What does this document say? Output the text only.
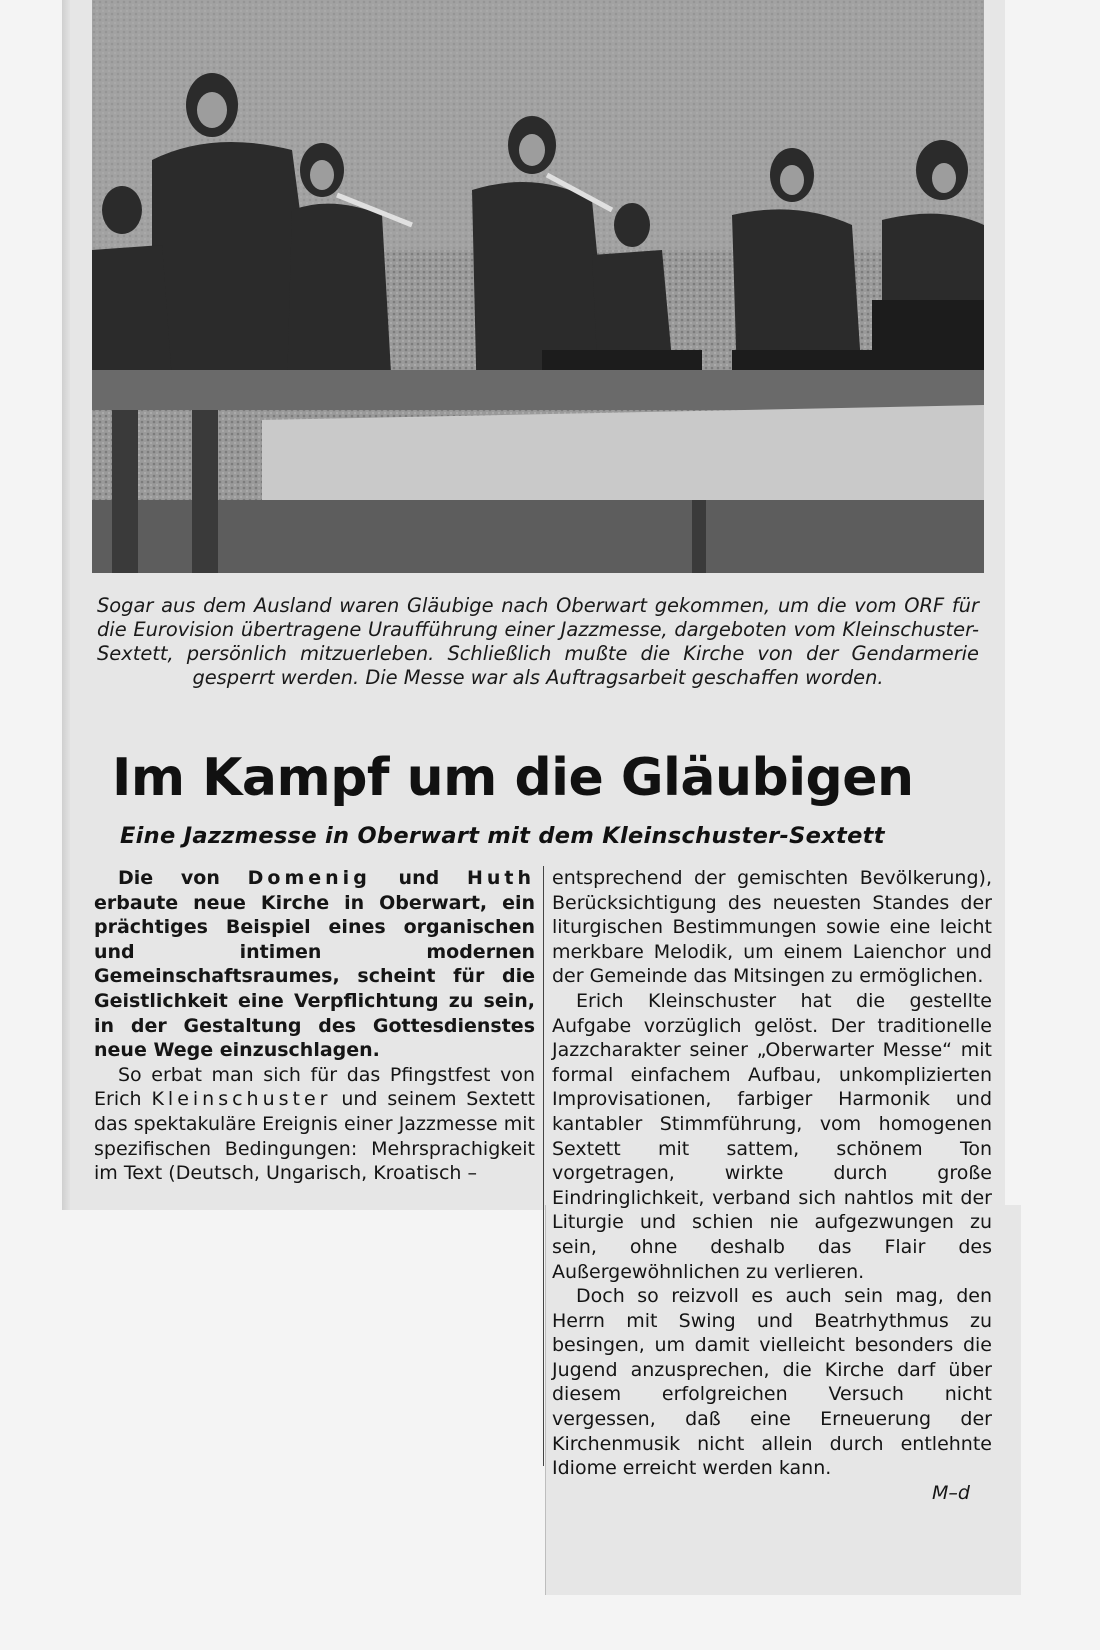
Sogar aus dem Ausland waren Gläubige nach Oberwart gekommen, um die vom ORF für die Eurovision übertragene Uraufführung einer Jazzmesse, dargeboten vom Kleinschuster-Sextett, persönlich mitzuerleben. Schließlich mußte die Kirche von der Gendarmerie gesperrt werden. Die Messe war als Auftragsarbeit geschaffen worden.
Im Kampf um die Gläubigen
Eine Jazzmesse in Oberwart mit dem Kleinschuster-Sextett

Die von Domenig und Huth erbaute neue Kirche in Oberwart, ein prächtiges Beispiel eines organischen und intimen modernen Gemeinschaftsraumes, scheint für die Geistlichkeit eine Verpflichtung zu sein, in der Gestaltung des Gottesdienstes neue Wege einzuschlagen.

So erbat man sich für das Pfingstfest von Erich Kleinschuster und seinem Sextett das spektakuläre Ereignis einer Jazzmesse mit spezifischen Bedingungen: Mehrsprachigkeit im Text (Deutsch, Ungarisch, Kroatisch –

entsprechend der gemischten Bevölkerung), Berücksichtigung des neuesten Standes der liturgischen Bestimmungen sowie eine leicht merkbare Melodik, um einem Laienchor und der Gemeinde das Mitsingen zu ermöglichen.

Erich Kleinschuster hat die gestellte Aufgabe vorzüglich gelöst. Der traditionelle Jazzcharakter seiner „Oberwarter Messe“ mit formal einfachem Aufbau, unkomplizierten Improvisationen, farbiger Harmonik und kantabler Stimmführung, vom homogenen Sextett mit sattem, schönem Ton vorgetragen, wirkte durch große Eindringlichkeit, verband sich nahtlos mit der Liturgie und schien nie aufgezwungen zu sein, ohne deshalb das Flair des Außergewöhnlichen zu verlieren.

Doch so reizvoll es auch sein mag, den Herrn mit Swing und Beatrhythmus zu besingen, um damit vielleicht besonders die Jugend anzusprechen, die Kirche darf über diesem erfolgreichen Versuch nicht vergessen, daß eine Erneuerung der Kirchenmusik nicht allein durch entlehnte Idiome erreicht werden kann.

M–d
